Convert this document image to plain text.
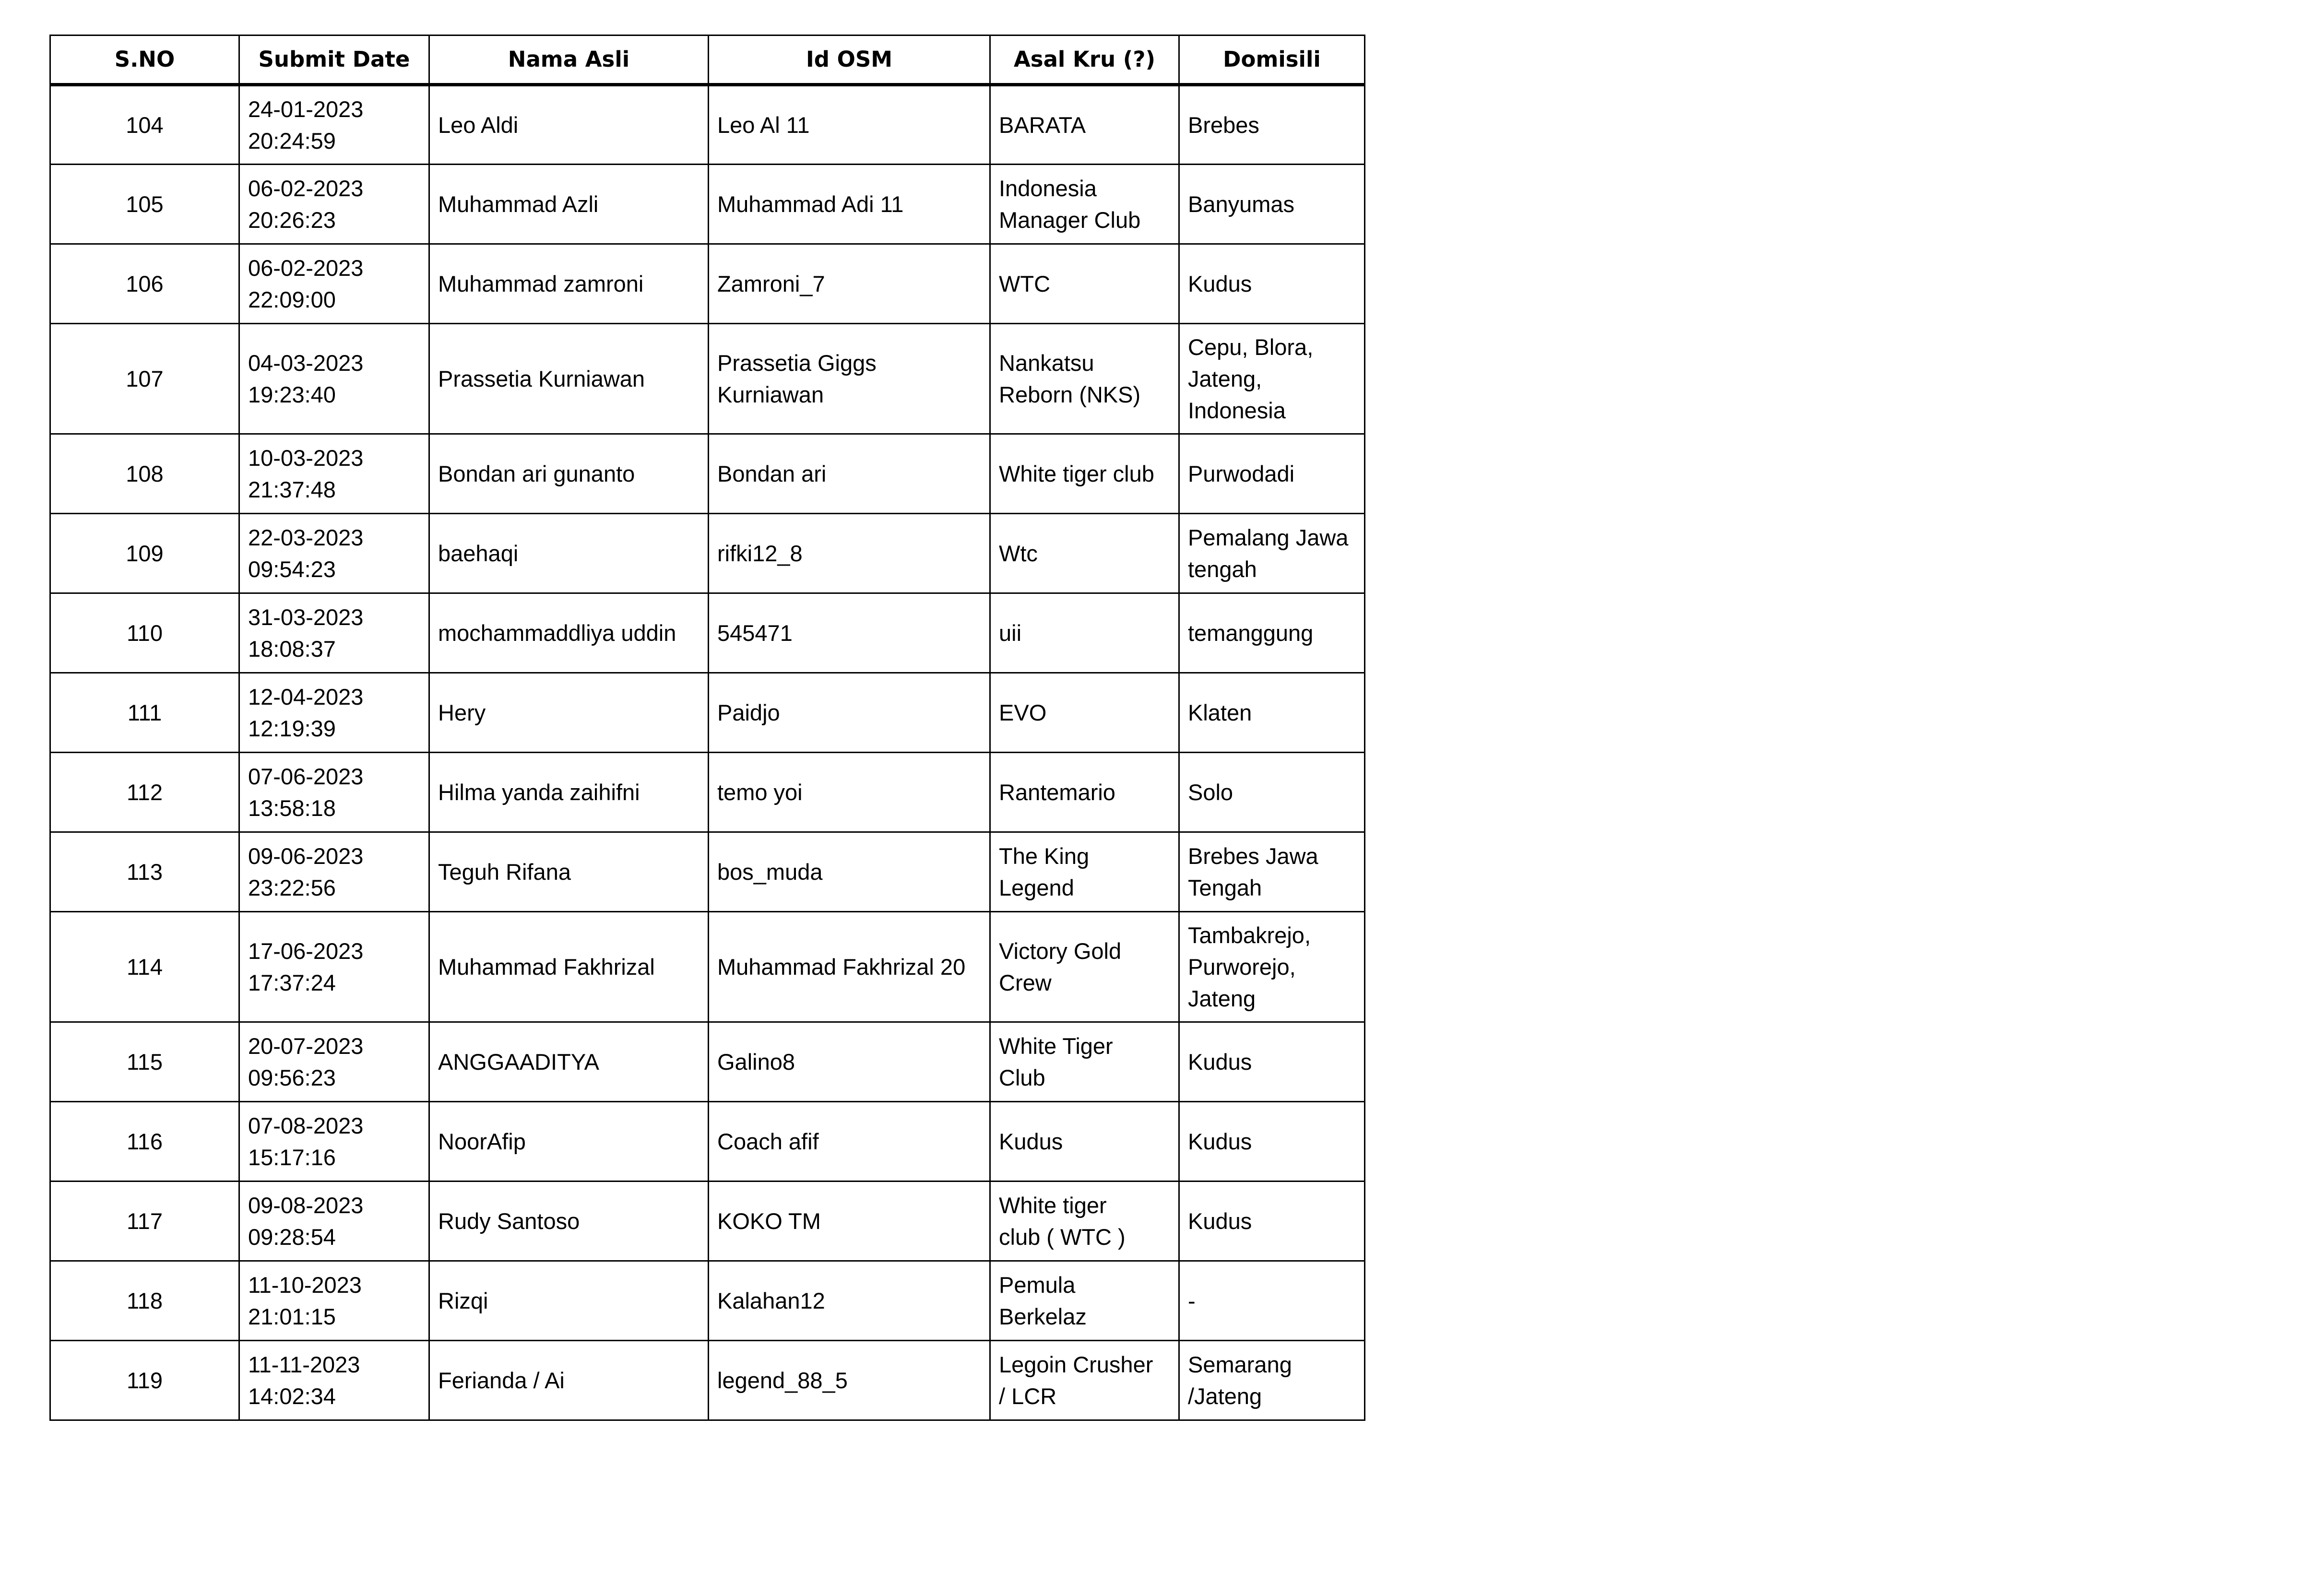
S.NO	Submit Date	Nama Asli	Id OSM	Asal Kru (?)	Domisili
104	24-01-2023
20:24:59	Leo Aldi	Leo Al 11	BARATA	Brebes

105	06-02-2023
20:26:23	Muhammad Azli	Muhammad Adi 11	Indonesia
Manager Club	Banyumas

106	06-02-2023
22:09:00	Muhammad zamroni	Zamroni_7	WTC	Kudus

107	04-03-2023
19:23:40	Prassetia Kurniawan	Prassetia Giggs
Kurniawan	Nankatsu
Reborn (NKS)	Cepu, Blora,
Jateng,
Indonesia

108	10-03-2023
21:37:48	Bondan ari gunanto	Bondan ari	White tiger club	Purwodadi

109	22-03-2023
09:54:23	baehaqi	rifki12_8	Wtc	Pemalang Jawa
tengah

110	31-03-2023
18:08:37	mochammaddliya uddin	545471	uii	temanggung

111	12-04-2023
12:19:39	Hery	Paidjo	EVO	Klaten

112	07-06-2023
13:58:18	Hilma yanda zaihifni	temo yoi	Rantemario	Solo

113	09-06-2023
23:22:56	Teguh Rifana	bos_muda	The King
Legend	Brebes Jawa
Tengah

114	17-06-2023
17:37:24	Muhammad Fakhrizal	Muhammad Fakhrizal 20	Victory Gold
Crew	Tambakrejo,
Purworejo,
Jateng

115	20-07-2023
09:56:23	ANGGAADITYA	Galino8	White Tiger
Club	Kudus

116	07-08-2023
15:17:16	NoorAfip	Coach afif	Kudus	Kudus

117	09-08-2023
09:28:54	Rudy Santoso	KOKO TM	White tiger
club ( WTC )	Kudus

118	11-10-2023
21:01:15	Rizqi	Kalahan12	Pemula
Berkelaz	-

119	11-11-2023
14:02:34	Ferianda / Ai	legend_88_5	Legoin Crusher
/ LCR	Semarang
/Jateng
